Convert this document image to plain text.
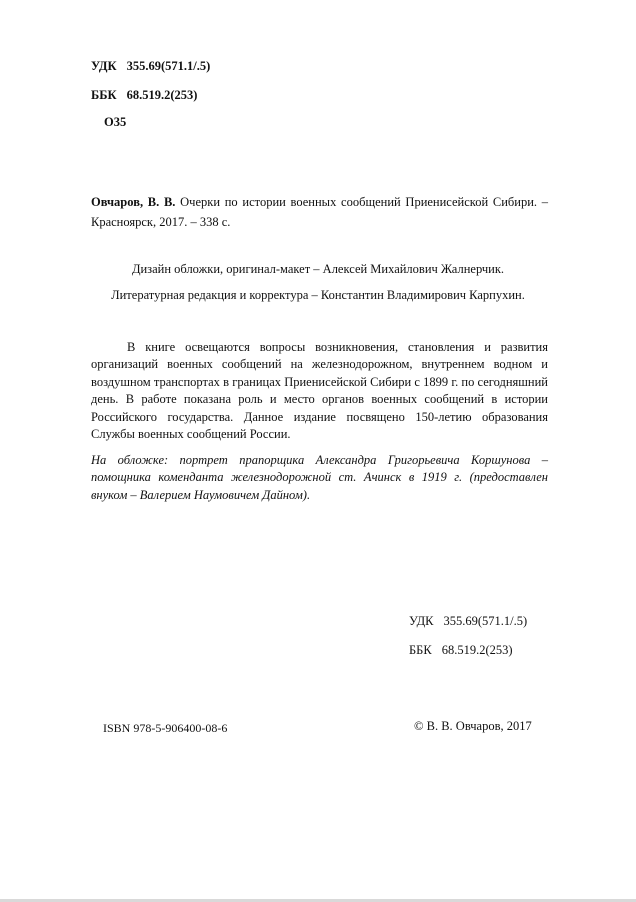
УДК 355.69(571.1/.5)
ББК 68.519.2(253)
О35
Овчаров, В. В. Очерки по истории военных сообщений Приенисейской Сибири. – Красноярск, 2017. – 338 с.
Дизайн обложки, оригинал-макет – Алексей Михайлович Жалнерчик.
Литературная редакция и корректура – Константин Владимирович Карпухин.

В книге освещаются вопросы возникновения, становления и развития организаций военных сообщений на железнодорожном, внутреннем водном и воздушном транспортах в границах Приенисейской Сибири с 1899 г. по сегодняшний день. В работе показана роль и место органов военных сообщений в истории Российского государства. Данное издание посвящено 150-летию образования Службы военных сообщений России.

На обложке: портрет прапорщика Александра Григорьевича Коршунова – помощника коменданта железнодорожной ст. Ачинск в 1919 г. (предоставлен внуком – Валерием Наумовичем Дайном).

УДК 355.69(571.1/.5)
ББК 68.519.2(253)
ISBN 978-5-906400-08-6	© В. В. Овчаров, 2017
